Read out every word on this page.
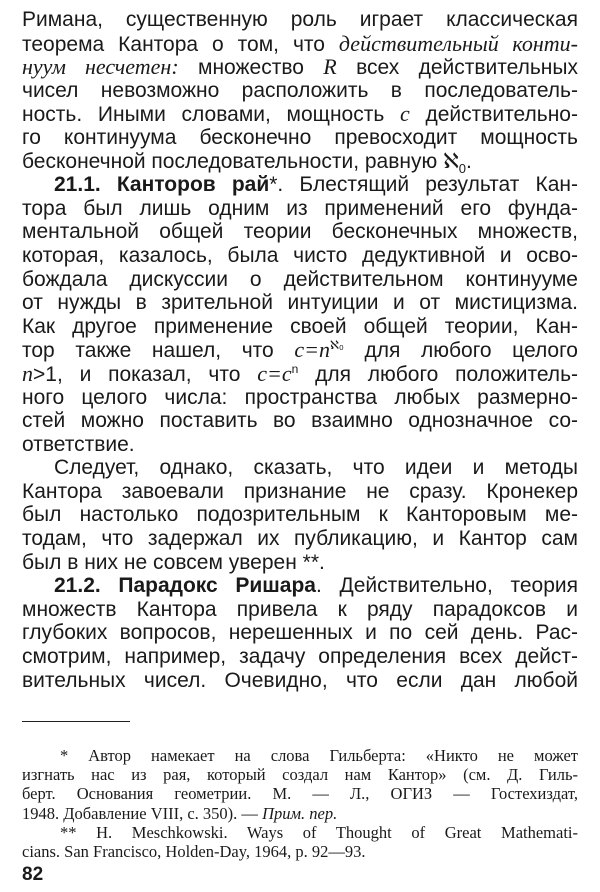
Римана, существенную роль играет классическая
теорема Кантора о том, что действительный конти-
нуум несчетен: множество R всех действительных
чисел невозможно расположить в последователь-
ность. Иными словами, мощность c действительно-
го континуума бесконечно превосходит мощность
бесконечной последовательности, равную ℵ$_0$.
21.1. Канторов рай*. Блестящий результат Кан-
тора был лишь одним из применений его фунда-
ментальной общей теории бесконечных множеств,
которая, казалось, была чисто дедуктивной и осво-
бождала дискуссии о действительном континууме
от нужды в зрительной интуиции и от мистицизма.
Как другое применение своей общей теории, Кан-
тор также нашел, что $c=n^{ℵ_0}$ для любого целого
n>1, и показал, что $c=c^n$ для любого положитель-
ного целого числа: пространства любых размерно-
стей можно поставить во взаимно однозначное со-
ответствие.
Следует, однако, сказать, что идеи и методы
Кантора завоевали признание не сразу. Кронекер
был настолько подозрительным к Канторовым ме-
тодам, что задержал их публикацию, и Кантор сам
был в них не совсем уверен **.
21.2. Парадокс Ришара. Действительно, теория
множеств Кантора привела к ряду парадоксов и
глубоких вопросов, нерешенных и по сей день. Рас-
смотрим, например, задачу определения всех дейст-
вительных чисел. Очевидно, что если дан любой
* Автор намекает на слова Гильберта: «Никто не может
изгнать нас из рая, который создал нам Кантор» (см. Д. Гиль-
берт. Основания геометрии. М. — Л., ОГИЗ — Гостехиздат,
1948. Добавление VIII, с. 350). — Прим. пер.
** H. Meschkowski. Ways of Thought of Great Mathemati-
cians. San Francisco, Holden-Day, 1964, p. 92—93.
82
